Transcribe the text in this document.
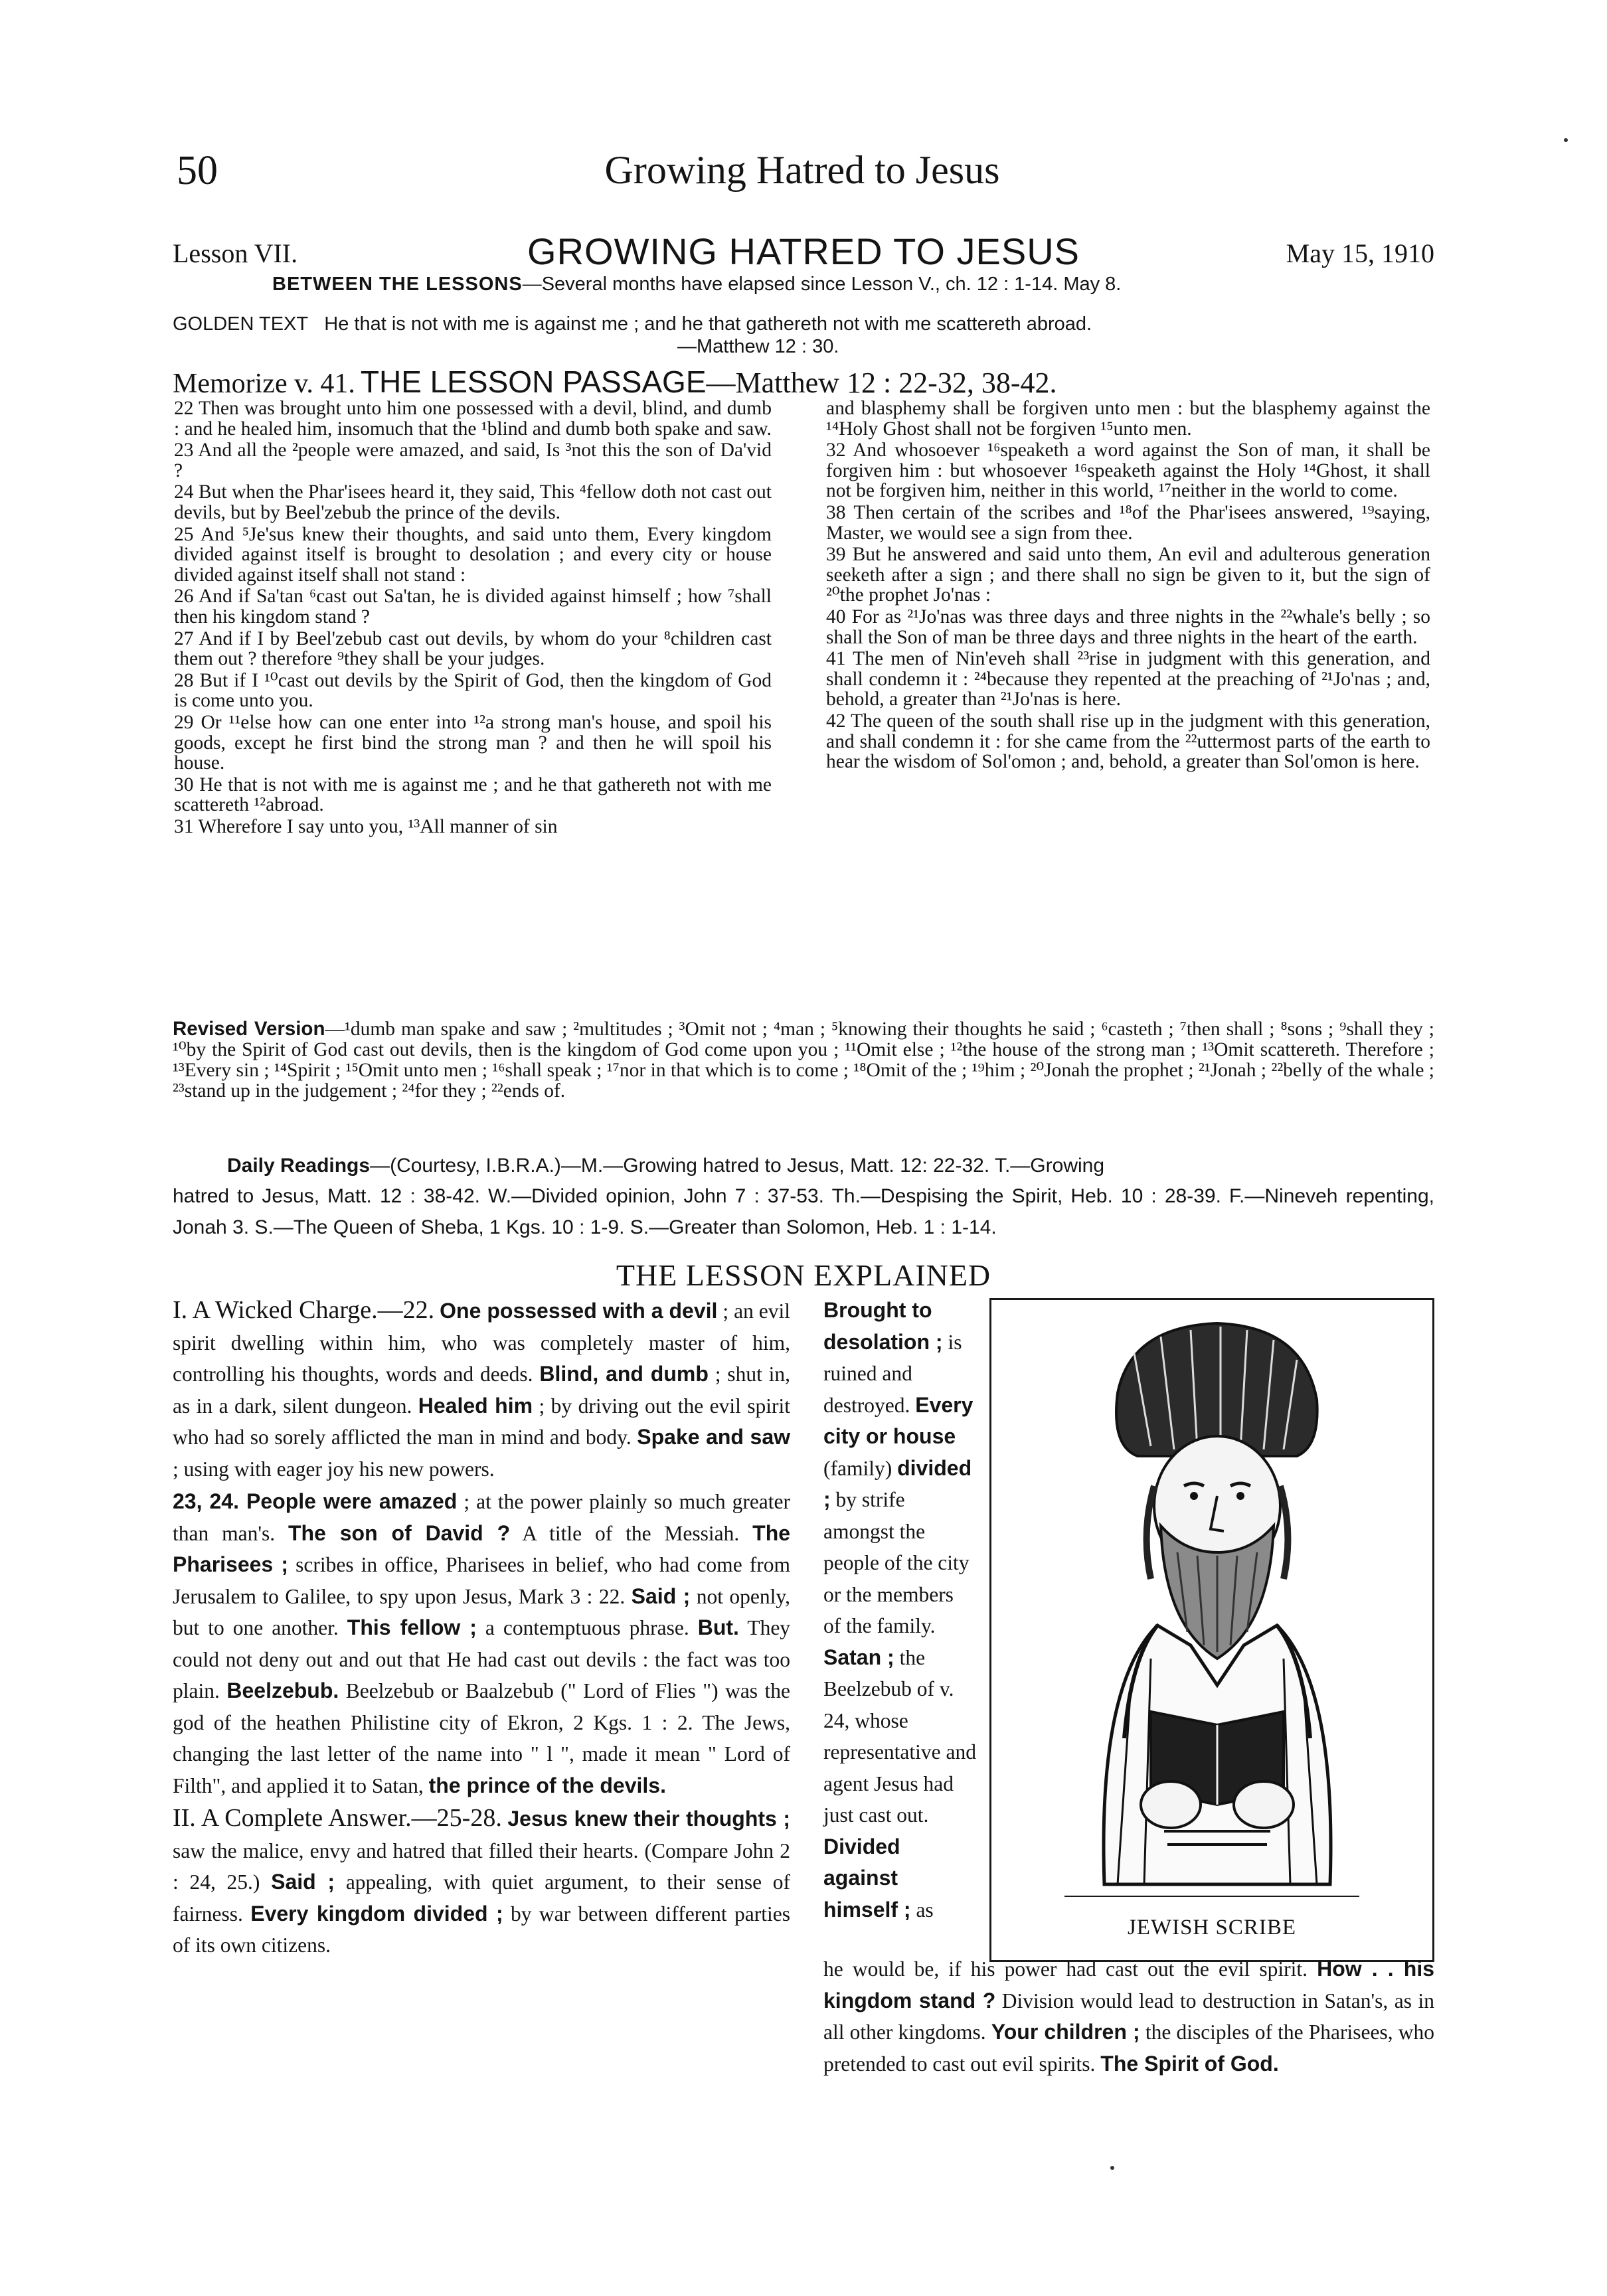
50	Growing Hatred to Jesus
Lesson VII.	GROWING HATRED TO JESUS	May 15, 1910
BETWEEN THE LESSONS—Several months have elapsed since Lesson V., ch. 12 : 1-14. May 8.
GOLDEN TEXT He that is not with me is against me ; and he that gathereth not with me scattereth abroad.
—Matthew 12 : 30.
Memorize v. 41. THE LESSON PASSAGE—Matthew 12 : 22-32, 38-42.

22 Then was brought unto him one possessed with a devil, blind, and dumb : and he healed him, insomuch that the ¹blind and dumb both spake and saw.

23 And all the ²people were amazed, and said, Is ³not this the son of Da'vid ?

24 But when the Phar'isees heard it, they said, This ⁴fellow doth not cast out devils, but by Beel'zebub the prince of the devils.

25 And ⁵Je'sus knew their thoughts, and said unto them, Every kingdom divided against itself is brought to desolation ; and every city or house divided against itself shall not stand :

26 And if Sa'tan ⁶cast out Sa'tan, he is divided against himself ; how ⁷shall then his kingdom stand ?

27 And if I by Beel'zebub cast out devils, by whom do your ⁸children cast them out ? therefore ⁹they shall be your judges.

28 But if I ¹⁰cast out devils by the Spirit of God, then the kingdom of God is come unto you.

29 Or ¹¹else how can one enter into ¹²a strong man's house, and spoil his goods, except he first bind the strong man ? and then he will spoil his house.

30 He that is not with me is against me ; and he that gathereth not with me scattereth ¹²abroad.

31 Wherefore I say unto you, ¹³All manner of sin

and blasphemy shall be forgiven unto men : but the blasphemy against the ¹⁴Holy Ghost shall not be forgiven ¹⁵unto men.

32 And whosoever ¹⁶speaketh a word against the Son of man, it shall be forgiven him : but whosoever ¹⁶speaketh against the Holy ¹⁴Ghost, it shall not be forgiven him, neither in this world, ¹⁷neither in the world to come.

38 Then certain of the scribes and ¹⁸of the Phar'isees answered, ¹⁹saying, Master, we would see a sign from thee.

39 But he answered and said unto them, An evil and adulterous generation seeketh after a sign ; and there shall no sign be given to it, but the sign of ²⁰the prophet Jo'nas :

40 For as ²¹Jo'nas was three days and three nights in the ²²whale's belly ; so shall the Son of man be three days and three nights in the heart of the earth.

41 The men of Nin'eveh shall ²³rise in judgment with this generation, and shall condemn it : ²⁴because they repented at the preaching of ²¹Jo'nas ; and, behold, a greater than ²¹Jo'nas is here.

42 The queen of the south shall rise up in the judgment with this generation, and shall condemn it : for she came from the ²²uttermost parts of the earth to hear the wisdom of Sol'omon ; and, behold, a greater than Sol'omon is here.

Revised Version—¹dumb man spake and saw ; ²multitudes ; ³Omit not ; ⁴man ; ⁵knowing their thoughts he said ; ⁶casteth ; ⁷then shall ; ⁸sons ; ⁹shall they ; ¹⁰by the Spirit of God cast out devils, then is the kingdom of God come upon you ; ¹¹Omit else ; ¹²the house of the strong man ; ¹³Omit scattereth. Therefore ; ¹³Every sin ; ¹⁴Spirit ; ¹⁵Omit unto men ; ¹⁶shall speak ; ¹⁷nor in that which is to come ; ¹⁸Omit of the ; ¹⁹him ; ²⁰Jonah the prophet ; ²¹Jonah ; ²²belly of the whale ; ²³stand up in the judgement ; ²⁴for they ; ²²ends of.
Daily Readings—(Courtesy, I.B.R.A.)—M.—Growing hatred to Jesus, Matt. 12: 22-32. T.—Growing
hatred to Jesus, Matt. 12 : 38-42. W.—Divided opinion, John 7 : 37-53. Th.—Despising the Spirit, Heb. 10 : 28-39. F.—Nineveh repenting, Jonah 3. S.—The Queen of Sheba, 1 Kgs. 10 : 1-9. S.—Greater than Solomon, Heb. 1 : 1-14.
THE LESSON EXPLAINED

I. A Wicked Charge.—22. One possessed with a devil ; an evil spirit dwelling within him, who was completely master of him, controlling his thoughts, words and deeds. Blind, and dumb ; shut in, as in a dark, silent dungeon. Healed him ; by driving out the evil spirit who had so sorely afflicted the man in mind and body. Spake and saw ; using with eager joy his new powers.

23, 24. People were amazed ; at the power plainly so much greater than man's. The son of David ? A title of the Messiah. The Pharisees ; scribes in office, Pharisees in belief, who had come from Jerusalem to Galilee, to spy upon Jesus, Mark 3 : 22. Said ; not openly, but to one another. This fellow ; a contemptuous phrase. But. They could not deny out and out that He had cast out devils : the fact was too plain. Beelzebub. Beelzebub or Baalzebub (" Lord of Flies ") was the god of the heathen Philistine city of Ekron, 2 Kgs. 1 : 2. The Jews, changing the last letter of the name into " l ", made it mean " Lord of Filth", and applied it to Satan, the prince of the devils.

II. A Complete Answer.—25-28. Jesus knew their thoughts ; saw the malice, envy and hatred that filled their hearts. (Compare John 2 : 24, 25.) Said ; appealing, with quiet argument, to their sense of fairness. Every kingdom divided ; by war between different parties of its own citizens.

Brought to desolation ; is ruined and destroyed. Every city or house (family) divided ; by strife amongst the people of the city or the members of the family. Satan ; the Beelzebub of v. 24, whose representative and agent Jesus had just cast out. Divided against himself ; as
JEWISH SCRIBE
he would be, if his power had cast out the evil spirit. How . . his kingdom stand ? Division would lead to destruction in Satan's, as in all other kingdoms. Your children ; the disciples of the Pharisees, who pretended to cast out evil spirits. The Spirit of God.
